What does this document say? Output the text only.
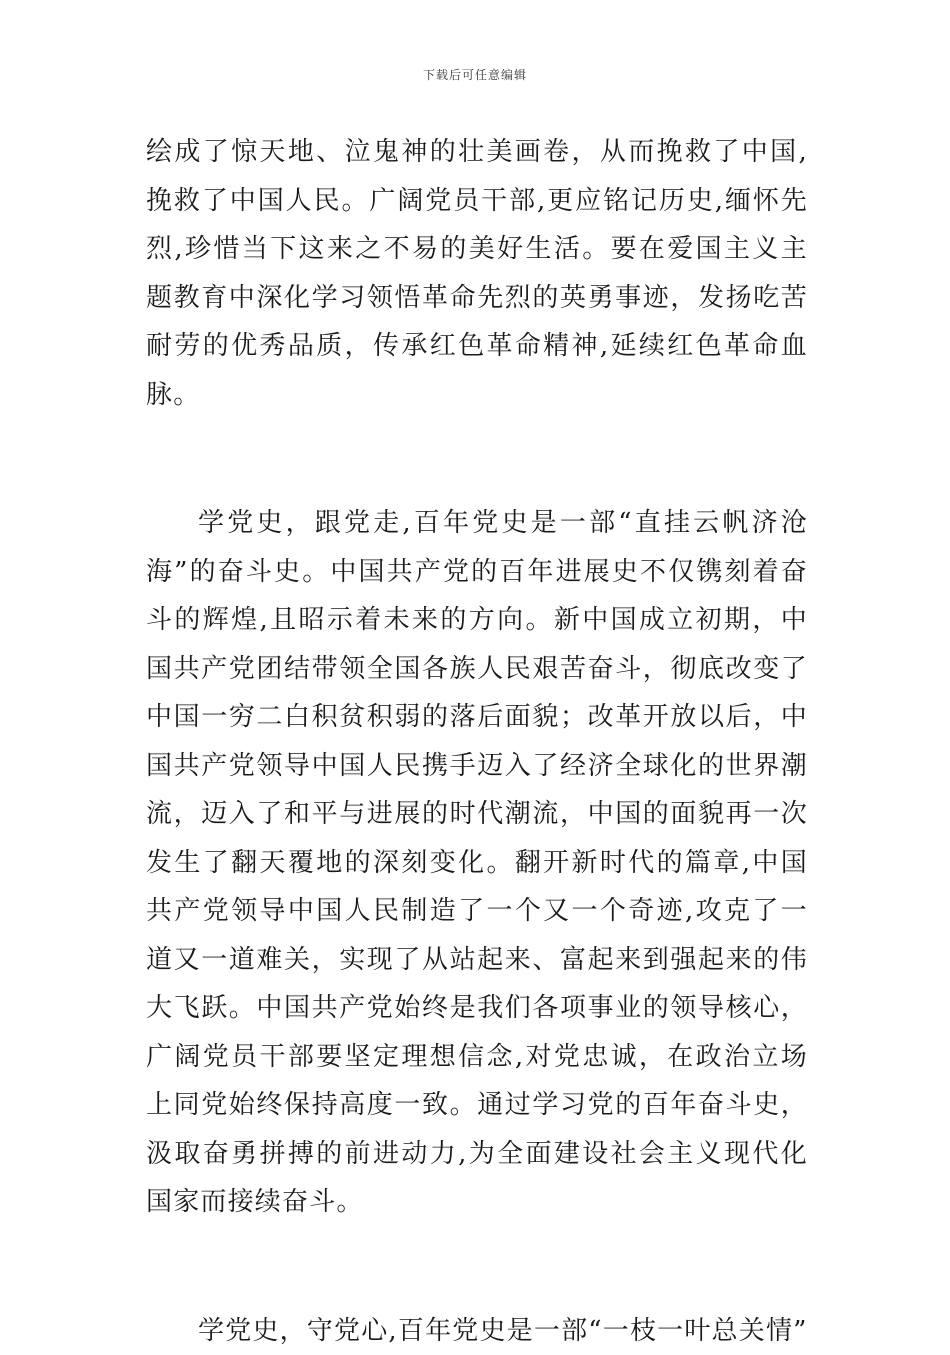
下载后可任意编辑

绘成了惊天地、泣鬼神的壮美画卷，从而挽救了中国,挽救了中国人民。广阔党员干部,更应铭记历史,缅怀先烈,珍惜当下这来之不易的美好生活。要在爱国主义主题教育中深化学习领悟革命先烈的英勇事迹，发扬吃苦耐劳的优秀品质，传承红色革命精神,延续红色革命血脉。

学党史，跟党走,百年党史是一部“直挂云帆济沧海”的奋斗史。中国共产党的百年进展史不仅镌刻着奋斗的辉煌,且昭示着未来的方向。新中国成立初期，中国共产党团结带领全国各族人民艰苦奋斗，彻底改变了中国一穷二白积贫积弱的落后面貌；改革开放以后，中国共产党领导中国人民携手迈入了经济全球化的世界潮流，迈入了和平与进展的时代潮流，中国的面貌再一次发生了翻天覆地的深刻变化。翻开新时代的篇章,中国共产党领导中国人民制造了一个又一个奇迹,攻克了一道又一道难关，实现了从站起来、富起来到强起来的伟大飞跃。中国共产党始终是我们各项事业的领导核心，广阔党员干部要坚定理想信念,对党忠诚，在政治立场上同党始终保持高度一致。通过学习党的百年奋斗史，汲取奋勇拼搏的前进动力,为全面建设社会主义现代化国家而接续奋斗。

学党史，守党心,百年党史是一部“一枝一叶总关情”
